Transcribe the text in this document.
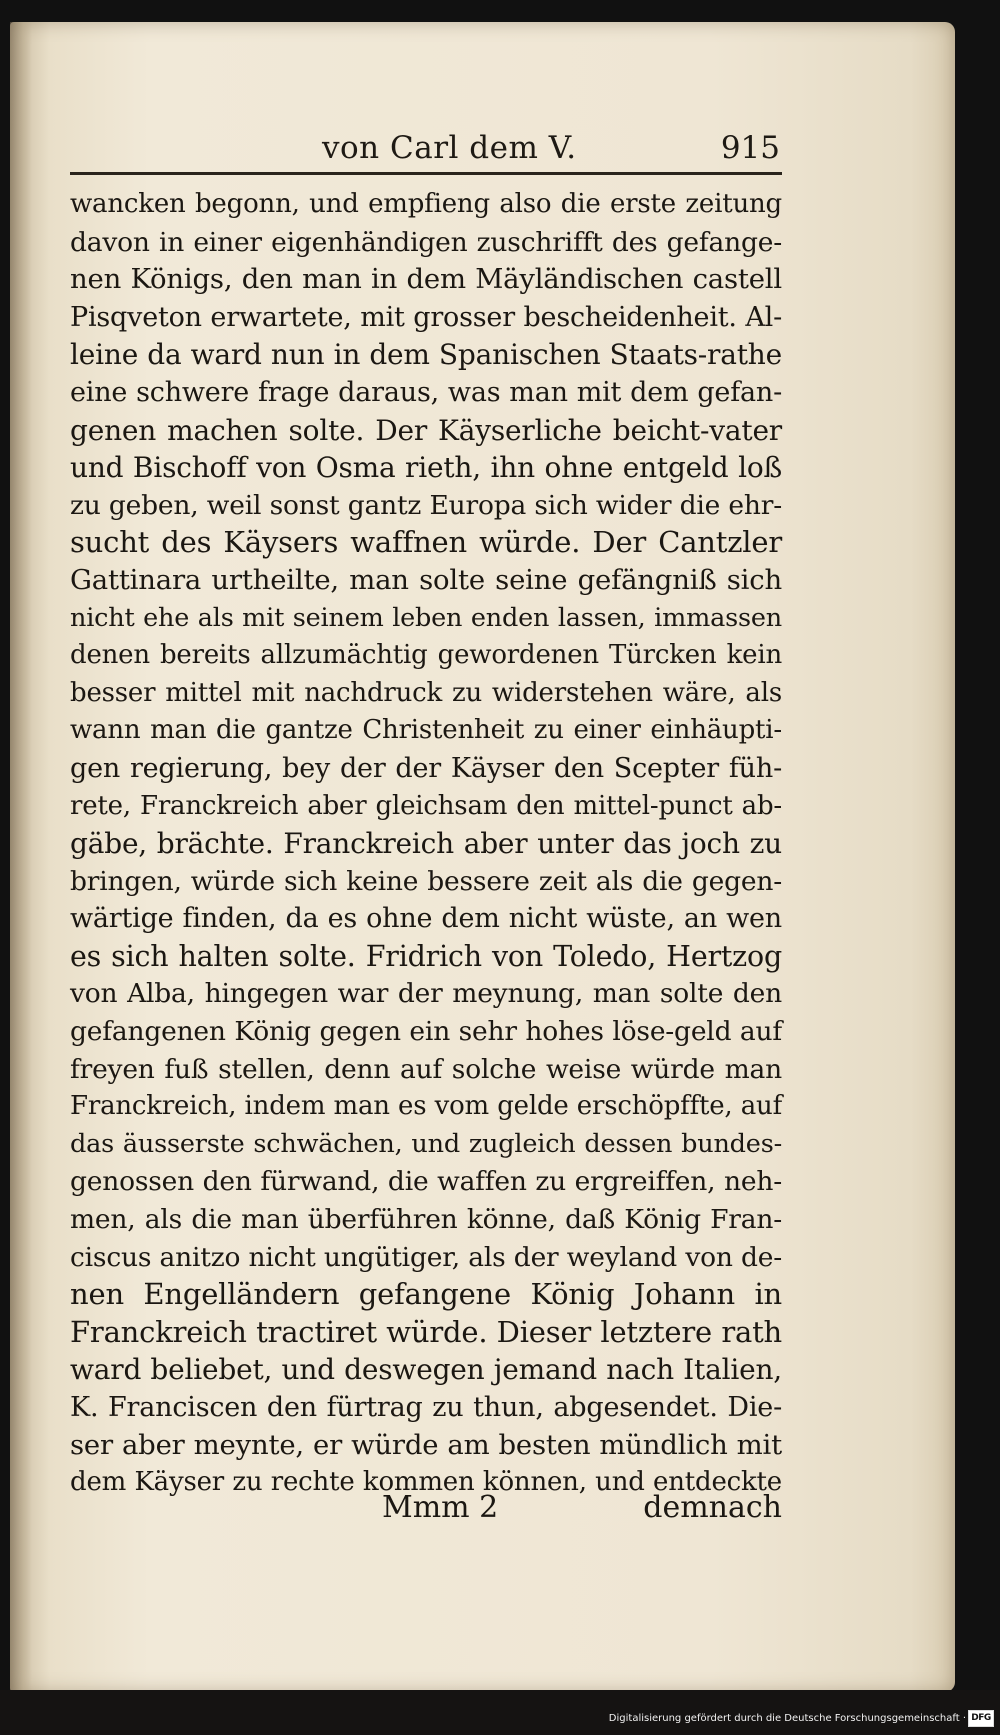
von Carl dem V.	915
wancken begonn, und empfieng also die erste zeitung
davon in einer eigenhändigen zuschrifft des gefange-
nen Königs, den man in dem Mäyländischen castell
Pisqveton erwartete, mit grosser bescheidenheit. Al-
leine da ward nun in dem Spanischen Staats-rathe
eine schwere frage daraus, was man mit dem gefan-
genen machen solte. Der Käyserliche beicht-vater
und Bischoff von Osma rieth, ihn ohne entgeld loß
zu geben, weil sonst gantz Europa sich wider die ehr-
sucht des Käysers waffnen würde. Der Cantzler
Gattinara urtheilte, man solte seine gefängniß sich
nicht ehe als mit seinem leben enden lassen, immassen
denen bereits allzumächtig gewordenen Türcken kein
besser mittel mit nachdruck zu widerstehen wäre, als
wann man die gantze Christenheit zu einer einhäupti-
gen regierung, bey der der Käyser den Scepter füh-
rete, Franckreich aber gleichsam den mittel-punct ab-
gäbe, brächte. Franckreich aber unter das joch zu
bringen, würde sich keine bessere zeit als die gegen-
wärtige finden, da es ohne dem nicht wüste, an wen
es sich halten solte. Fridrich von Toledo, Hertzog
von Alba, hingegen war der meynung, man solte den
gefangenen König gegen ein sehr hohes löse-geld auf
freyen fuß stellen, denn auf solche weise würde man
Franckreich, indem man es vom gelde erschöpffte, auf
das äusserste schwächen, und zugleich dessen bundes-
genossen den fürwand, die waffen zu ergreiffen, neh-
men, als die man überführen könne, daß König Fran-
ciscus anitzo nicht ungütiger, als der weyland von de-
nen Engelländern gefangene König Johann in
Franckreich tractiret würde. Dieser letztere rath
ward beliebet, und deswegen jemand nach Italien,
K. Franciscen den fürtrag zu thun, abgesendet. Die-
ser aber meynte, er würde am besten mündlich mit
dem Käyser zu rechte kommen können, und entdeckte
Mmm 2	demnach
Digitalisierung gefördert durch die Deutsche Forschungsgemeinschaft · DFG
